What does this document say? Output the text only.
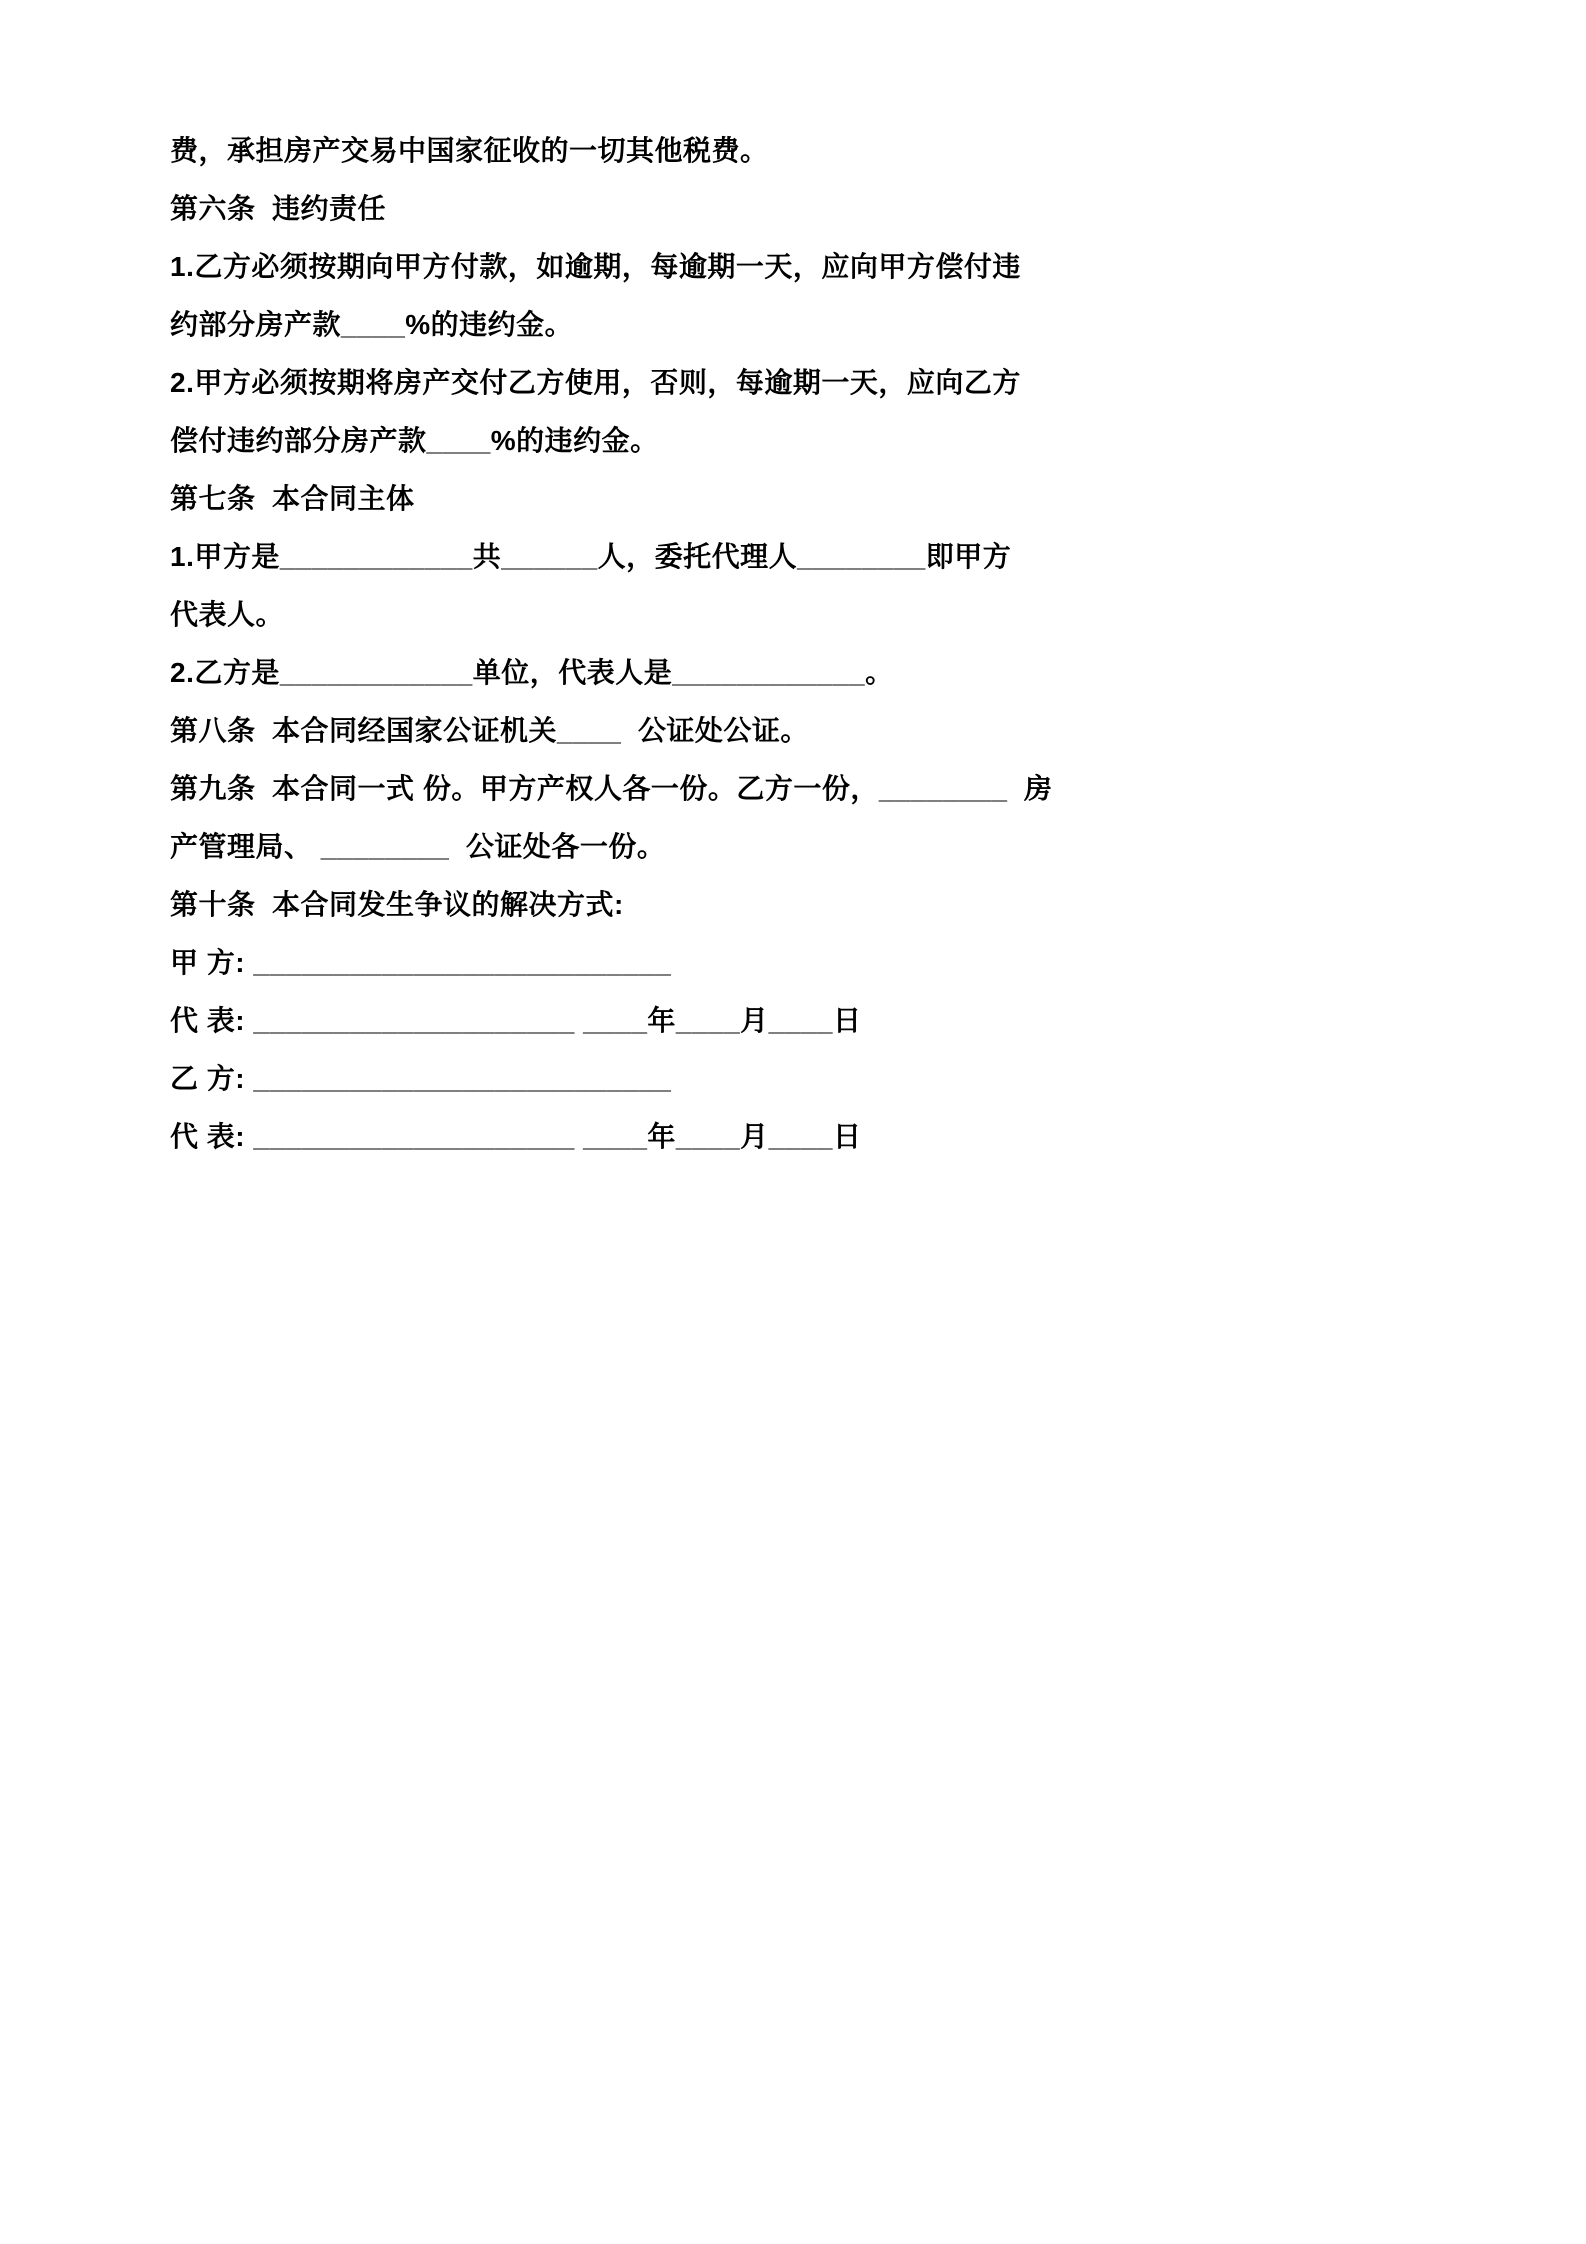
费，承担房产交易中国家征收的一切其他税费。
第六条  违约责任
1.乙方必须按期向甲方付款，如逾期，每逾期一天，应向甲方偿付违
约部分房产款____%的违约金。
2.甲方必须按期将房产交付乙方使用，否则，每逾期一天，应向乙方
偿付违约部分房产款____%的违约金。
第七条  本合同主体
1.甲方是____________共______人，委托代理人________即甲方
代表人。
2.乙方是____________单位，代表人是____________。
第八条  本合同经国家公证机关____  公证处公证。
第九条  本合同一式 份。甲方产权人各一份。乙方一份，________  房
产管理局、 ________  公证处各一份。
第十条  本合同发生争议的解决方式:
甲 方: __________________________
代 表: ____________________ ____年____月____日
乙 方: __________________________
代 表: ____________________ ____年____月____日
